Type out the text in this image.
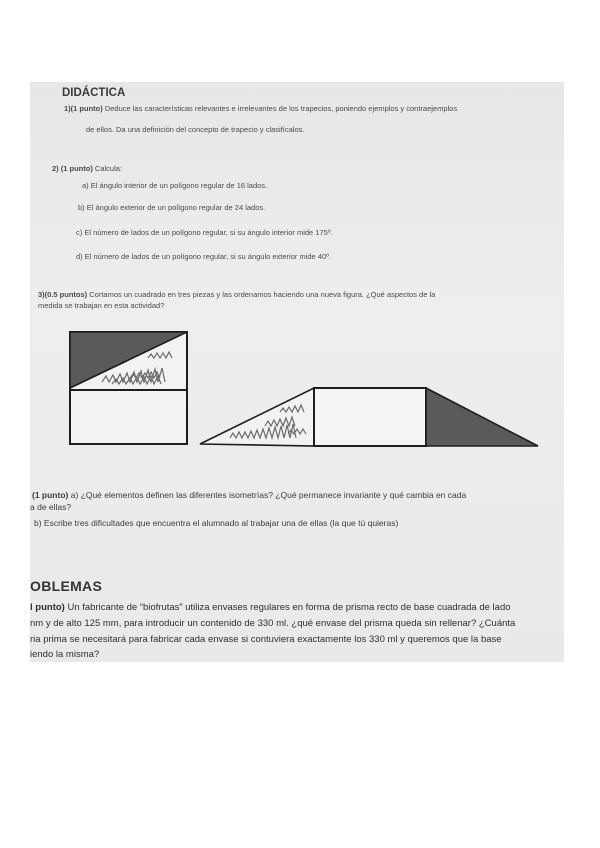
DIDÁCTICA
1)(1 punto) Deduce las características relevantes e irrelevantes de los trapecios, poniendo ejemplos y contraejemplos
de ellos. Da una definición del concepto de trapecio y clasifícalos.
2) (1 punto) Calcula:
a) El ángulo interior de un polígono regular de 16 lados.
b) El ángulo exterior de un polígono regular de 24 lados.
c) El número de lados de un polígono regular, si su ángulo interior mide 175º.
d) El número de lados de un polígono regular, si su ángulo exterior mide 40º.
3)(0.5 puntos) Cortamos un cuadrado en tres piezas y las ordenamos haciendo una nueva figura. ¿Qué aspectos de la
medida se trabajan en esta actividad?
(1 punto) a) ¿Qué elementos definen las diferentes isometrías? ¿Qué permanece invariante y qué cambia en cada
a de ellas?
b) Escribe tres dificultades que encuentra el alumnado al trabajar una de ellas (la que tú quieras)
OBLEMAS
l punto) Un fabricante de “biofrutas” utiliza envases regulares en forma de prisma recto de base cuadrada de lado
nm y de alto 125 mm, para introducir un contenido de 330 ml. ¿qué envase del prisma queda sin rellenar? ¿Cuánta
ria prima se necesitará para fabricar cada envase si contuviera exactamente los 330 ml y queremos que la base
iendo la misma?
